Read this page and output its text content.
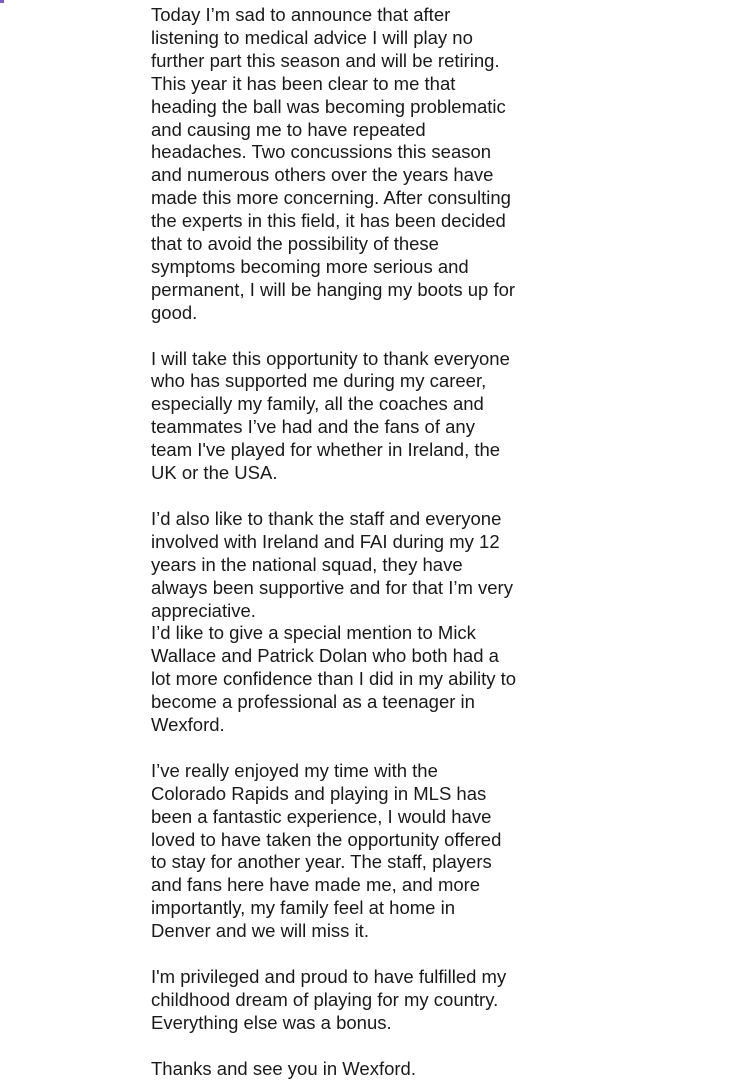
Today I’m sad to announce that after
listening to medical advice I will play no
further part this season and will be retiring.
This year it has been clear to me that
heading the ball was becoming problematic
and causing me to have repeated
headaches. Two concussions this season
and numerous others over the years have
made this more concerning. After consulting
the experts in this field, it has been decided
that to avoid the possibility of these
symptoms becoming more serious and
permanent, I will be hanging my boots up for
good.

I will take this opportunity to thank everyone
who has supported me during my career,
especially my family, all the coaches and
teammates I’ve had and the fans of any
team I've played for whether in Ireland, the
UK or the USA.

I’d also like to thank the staff and everyone
involved with Ireland and FAI during my 12
years in the national squad, they have
always been supportive and for that I’m very
appreciative.

I’d like to give a special mention to Mick
Wallace and Patrick Dolan who both had a
lot more confidence than I did in my ability to
become a professional as a teenager in
Wexford.

I’ve really enjoyed my time with the
Colorado Rapids and playing in MLS has
been a fantastic experience, I would have
loved to have taken the opportunity offered
to stay for another year. The staff, players
and fans here have made me, and more
importantly, my family feel at home in
Denver and we will miss it.

I'm privileged and proud to have fulfilled my
childhood dream of playing for my country.
Everything else was a bonus.

Thanks and see you in Wexford.
